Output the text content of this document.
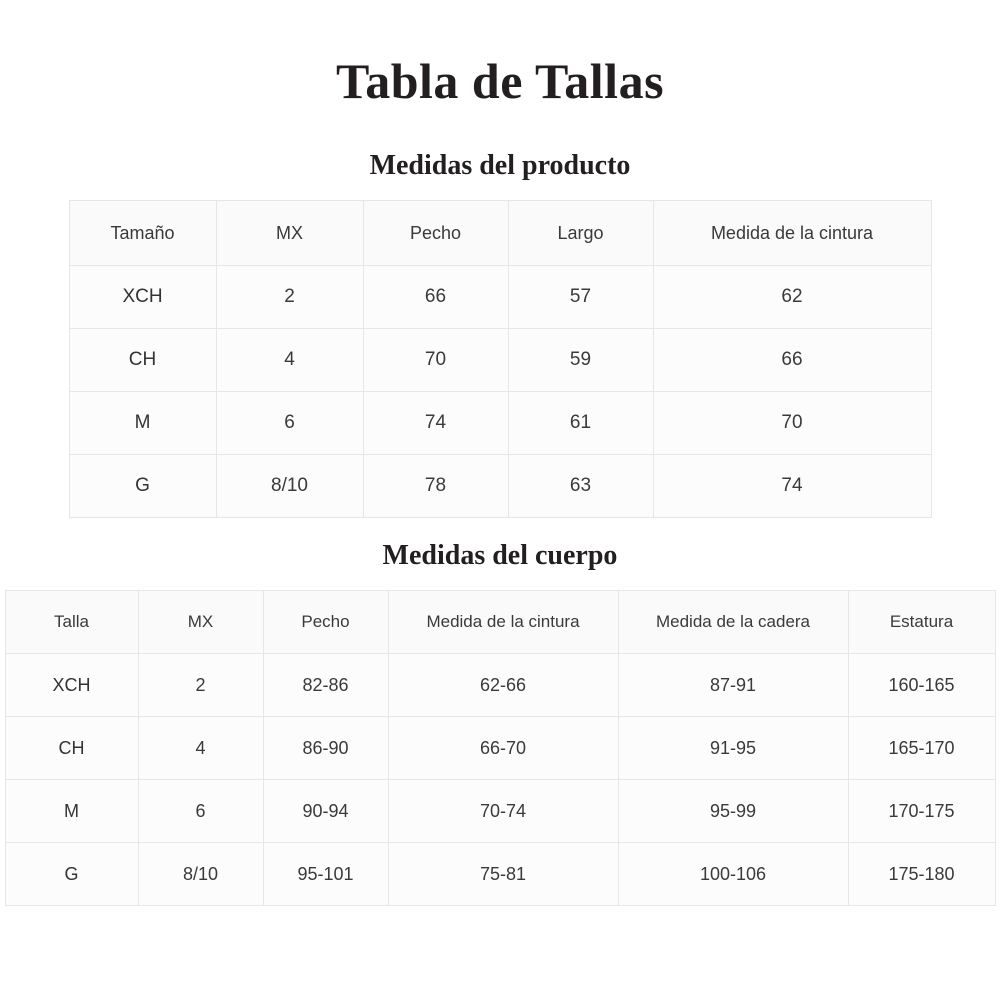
Tabla de Tallas
Medidas del producto
Tamaño	MX	Pecho	Largo	Medida de la cintura
XCH	2	66	57	62
CH	4	70	59	66
M	6	74	61	70
G	8/10	78	63	74
Medidas del cuerpo
Talla	MX	Pecho	Medida de la cintura	Medida de la cadera	Estatura
XCH	2	82-86	62-66	87-91	160-165
CH	4	86-90	66-70	91-95	165-170
M	6	90-94	70-74	95-99	170-175
G	8/10	95-101	75-81	100-106	175-180
